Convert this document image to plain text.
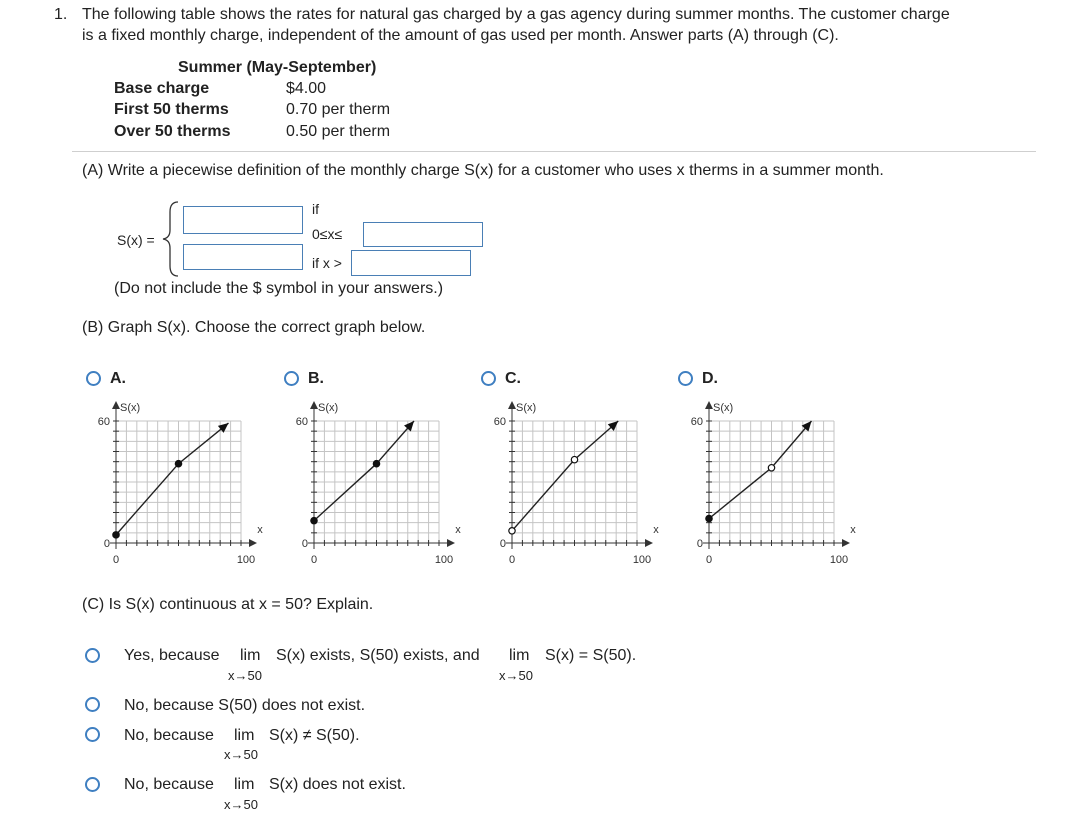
1. The following table shows the rates for natural gas charged by a gas agency during summer months. The customer charge
is a fixed monthly charge, independent of the amount of gas used per month. Answer parts (A) through (C).
Summer (May-September)
Base charge	$4.00
First 50 therms	0.70 per therm
Over 50 therms	0.50 per therm
(A) Write a piecewise definition of the monthly charge S(x) for a customer who uses x therms in a summer month.
S(x) =
if
0≤x≤
if x >
(Do not include the $ symbol in your answers.)
(B) Graph S(x). Choose the correct graph below.
A.	B.	C.	D.
S(x)
x
60
0
0	100
S(x)
x
60
0
0	100
S(x)
x
60
0
0	100
S(x)
x
60
0
0	100
(C) Is S(x) continuous at x = 50? Explain.
Yes, because lim
x→50
S(x) exists, S(50) exists, and lim
x→50
S(x) = S(50).
No, because S(50) does not exist.
No, because lim
x→50
S(x) ≠ S(50).
No, because lim
x→50
S(x) does not exist.
